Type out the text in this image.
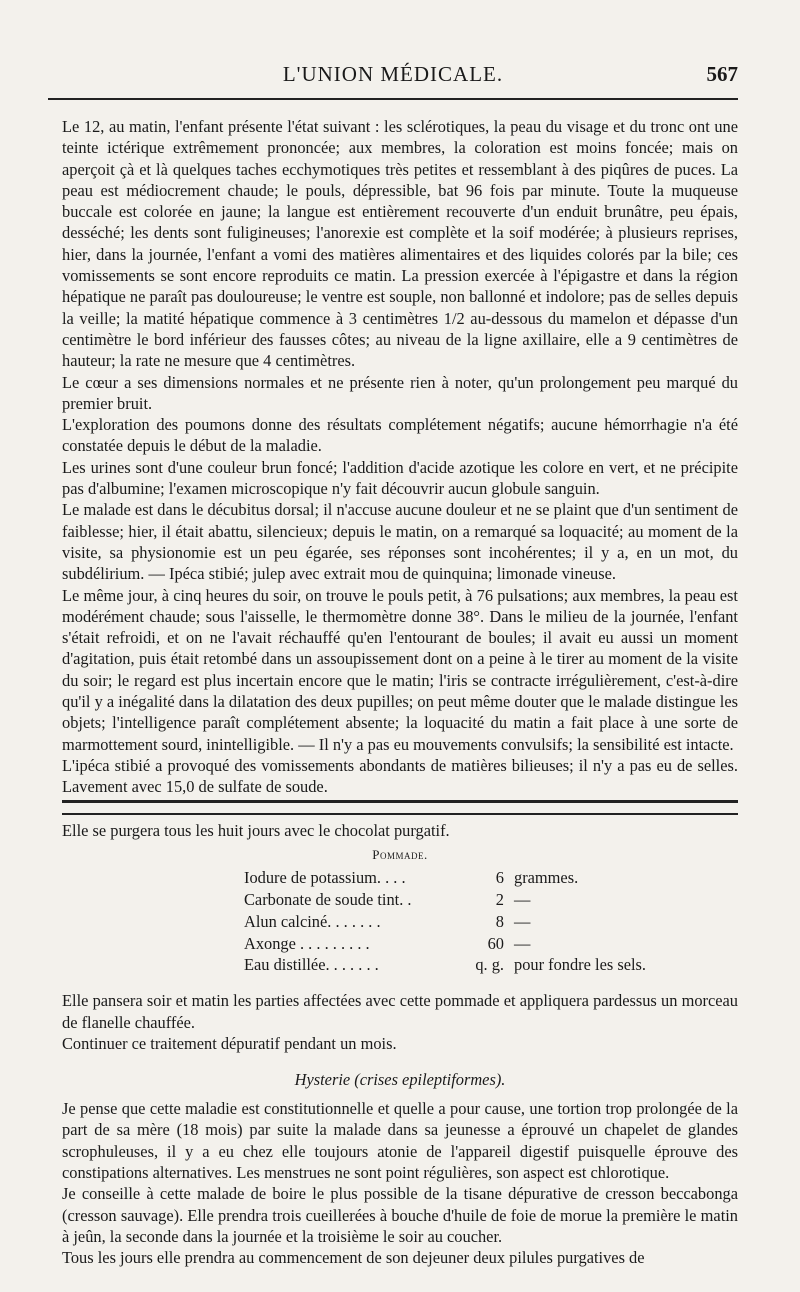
L'UNION MÉDICALE.	567

Le 12, au matin, l'enfant présente l'état suivant : les sclérotiques, la peau du visage et du tronc ont une teinte ictérique extrêmement prononcée; aux membres, la coloration est moins foncée; mais on aperçoit çà et là quelques taches ecchymotiques très petites et ressemblant à des piqûres de puces. La peau est médiocrement chaude; le pouls, dépressible, bat 96 fois par minute. Toute la muqueuse buccale est colorée en jaune; la langue est entièrement recouverte d'un enduit brunâtre, peu épais, desséché; les dents sont fuligineuses; l'anorexie est complète et la soif modérée; à plusieurs reprises, hier, dans la journée, l'enfant a vomi des matières alimentaires et des liquides colorés par la bile; ces vomissements se sont encore reproduits ce matin. La pression exercée à l'épigastre et dans la région hépatique ne paraît pas douloureuse; le ventre est souple, non ballonné et indolore; pas de selles depuis la veille; la matité hépatique commence à 3 centimètres 1/2 au-dessous du mamelon et dépasse d'un centimètre le bord inférieur des fausses côtes; au niveau de la ligne axillaire, elle a 9 centimètres de hauteur; la rate ne mesure que 4 centimètres.

Le cœur a ses dimensions normales et ne présente rien à noter, qu'un prolongement peu marqué du premier bruit.

L'exploration des poumons donne des résultats complétement négatifs; aucune hémorrhagie n'a été constatée depuis le début de la maladie.

Les urines sont d'une couleur brun foncé; l'addition d'acide azotique les colore en vert, et ne précipite pas d'albumine; l'examen microscopique n'y fait découvrir aucun globule sanguin.

Le malade est dans le décubitus dorsal; il n'accuse aucune douleur et ne se plaint que d'un sentiment de faiblesse; hier, il était abattu, silencieux; depuis le matin, on a remarqué sa loquacité; au moment de la visite, sa physionomie est un peu égarée, ses réponses sont incohérentes; il y a, en un mot, du subdélirium. — Ipéca stibié; julep avec extrait mou de quinquina; limonade vineuse.

Le même jour, à cinq heures du soir, on trouve le pouls petit, à 76 pulsations; aux membres, la peau est modérément chaude; sous l'aisselle, le thermomètre donne 38°. Dans le milieu de la journée, l'enfant s'était refroidi, et on ne l'avait réchauffé qu'en l'entourant de boules; il avait eu aussi un moment d'agitation, puis était retombé dans un assoupissement dont on a peine à le tirer au moment de la visite du soir; le regard est plus incertain encore que le matin; l'iris se contracte irrégulièrement, c'est-à-dire qu'il y a inégalité dans la dilatation des deux pupilles; on peut même douter que le malade distingue les objets; l'intelligence paraît complétement absente; la loquacité du matin a fait place à une sorte de marmottement sourd, inintelligible. — Il n'y a pas eu mouvements convulsifs; la sensibilité est intacte.

L'ipéca stibié a provoqué des vomissements abondants de matières bilieuses; il n'y a pas eu de selles. Lavement avec 15,0 de sulfate de soude.

Elle se purgera tous les huit jours avec le chocolat purgatif.

Pommade.
Iodure de potassium. . . .	6 grammes.
Carbonate de soude tint. .	2 —
Alun calciné. . . . . . .	8 —
Axonge . . . . . . . . .	60 —
Eau distillée. . . . . . .	q. g. pour fondre les sels.

Elle pansera soir et matin les parties affectées avec cette pommade et appliquera pardessus un morceau de flanelle chauffée.

Continuer ce traitement dépuratif pendant un mois.

Hysterie (crises epileptiformes).

Je pense que cette maladie est constitutionnelle et quelle a pour cause, une tortion trop prolongée de la part de sa mère (18 mois) par suite la malade dans sa jeunesse a éprouvé un chapelet de glandes scrophuleuses, il y a eu chez elle toujours atonie de l'appareil digestif puisquelle éprouve des constipations alternatives. Les menstrues ne sont point régulières, son aspect est chlorotique.

Je conseille à cette malade de boire le plus possible de la tisane dépurative de cresson beccabonga (cresson sauvage). Elle prendra trois cueillerées à bouche d'huile de foie de morue la première le matin à jeûn, la seconde dans la journée et la troisième le soir au coucher.

Tous les jours elle prendra au commencement de son dejeuner deux pilules purgatives de
